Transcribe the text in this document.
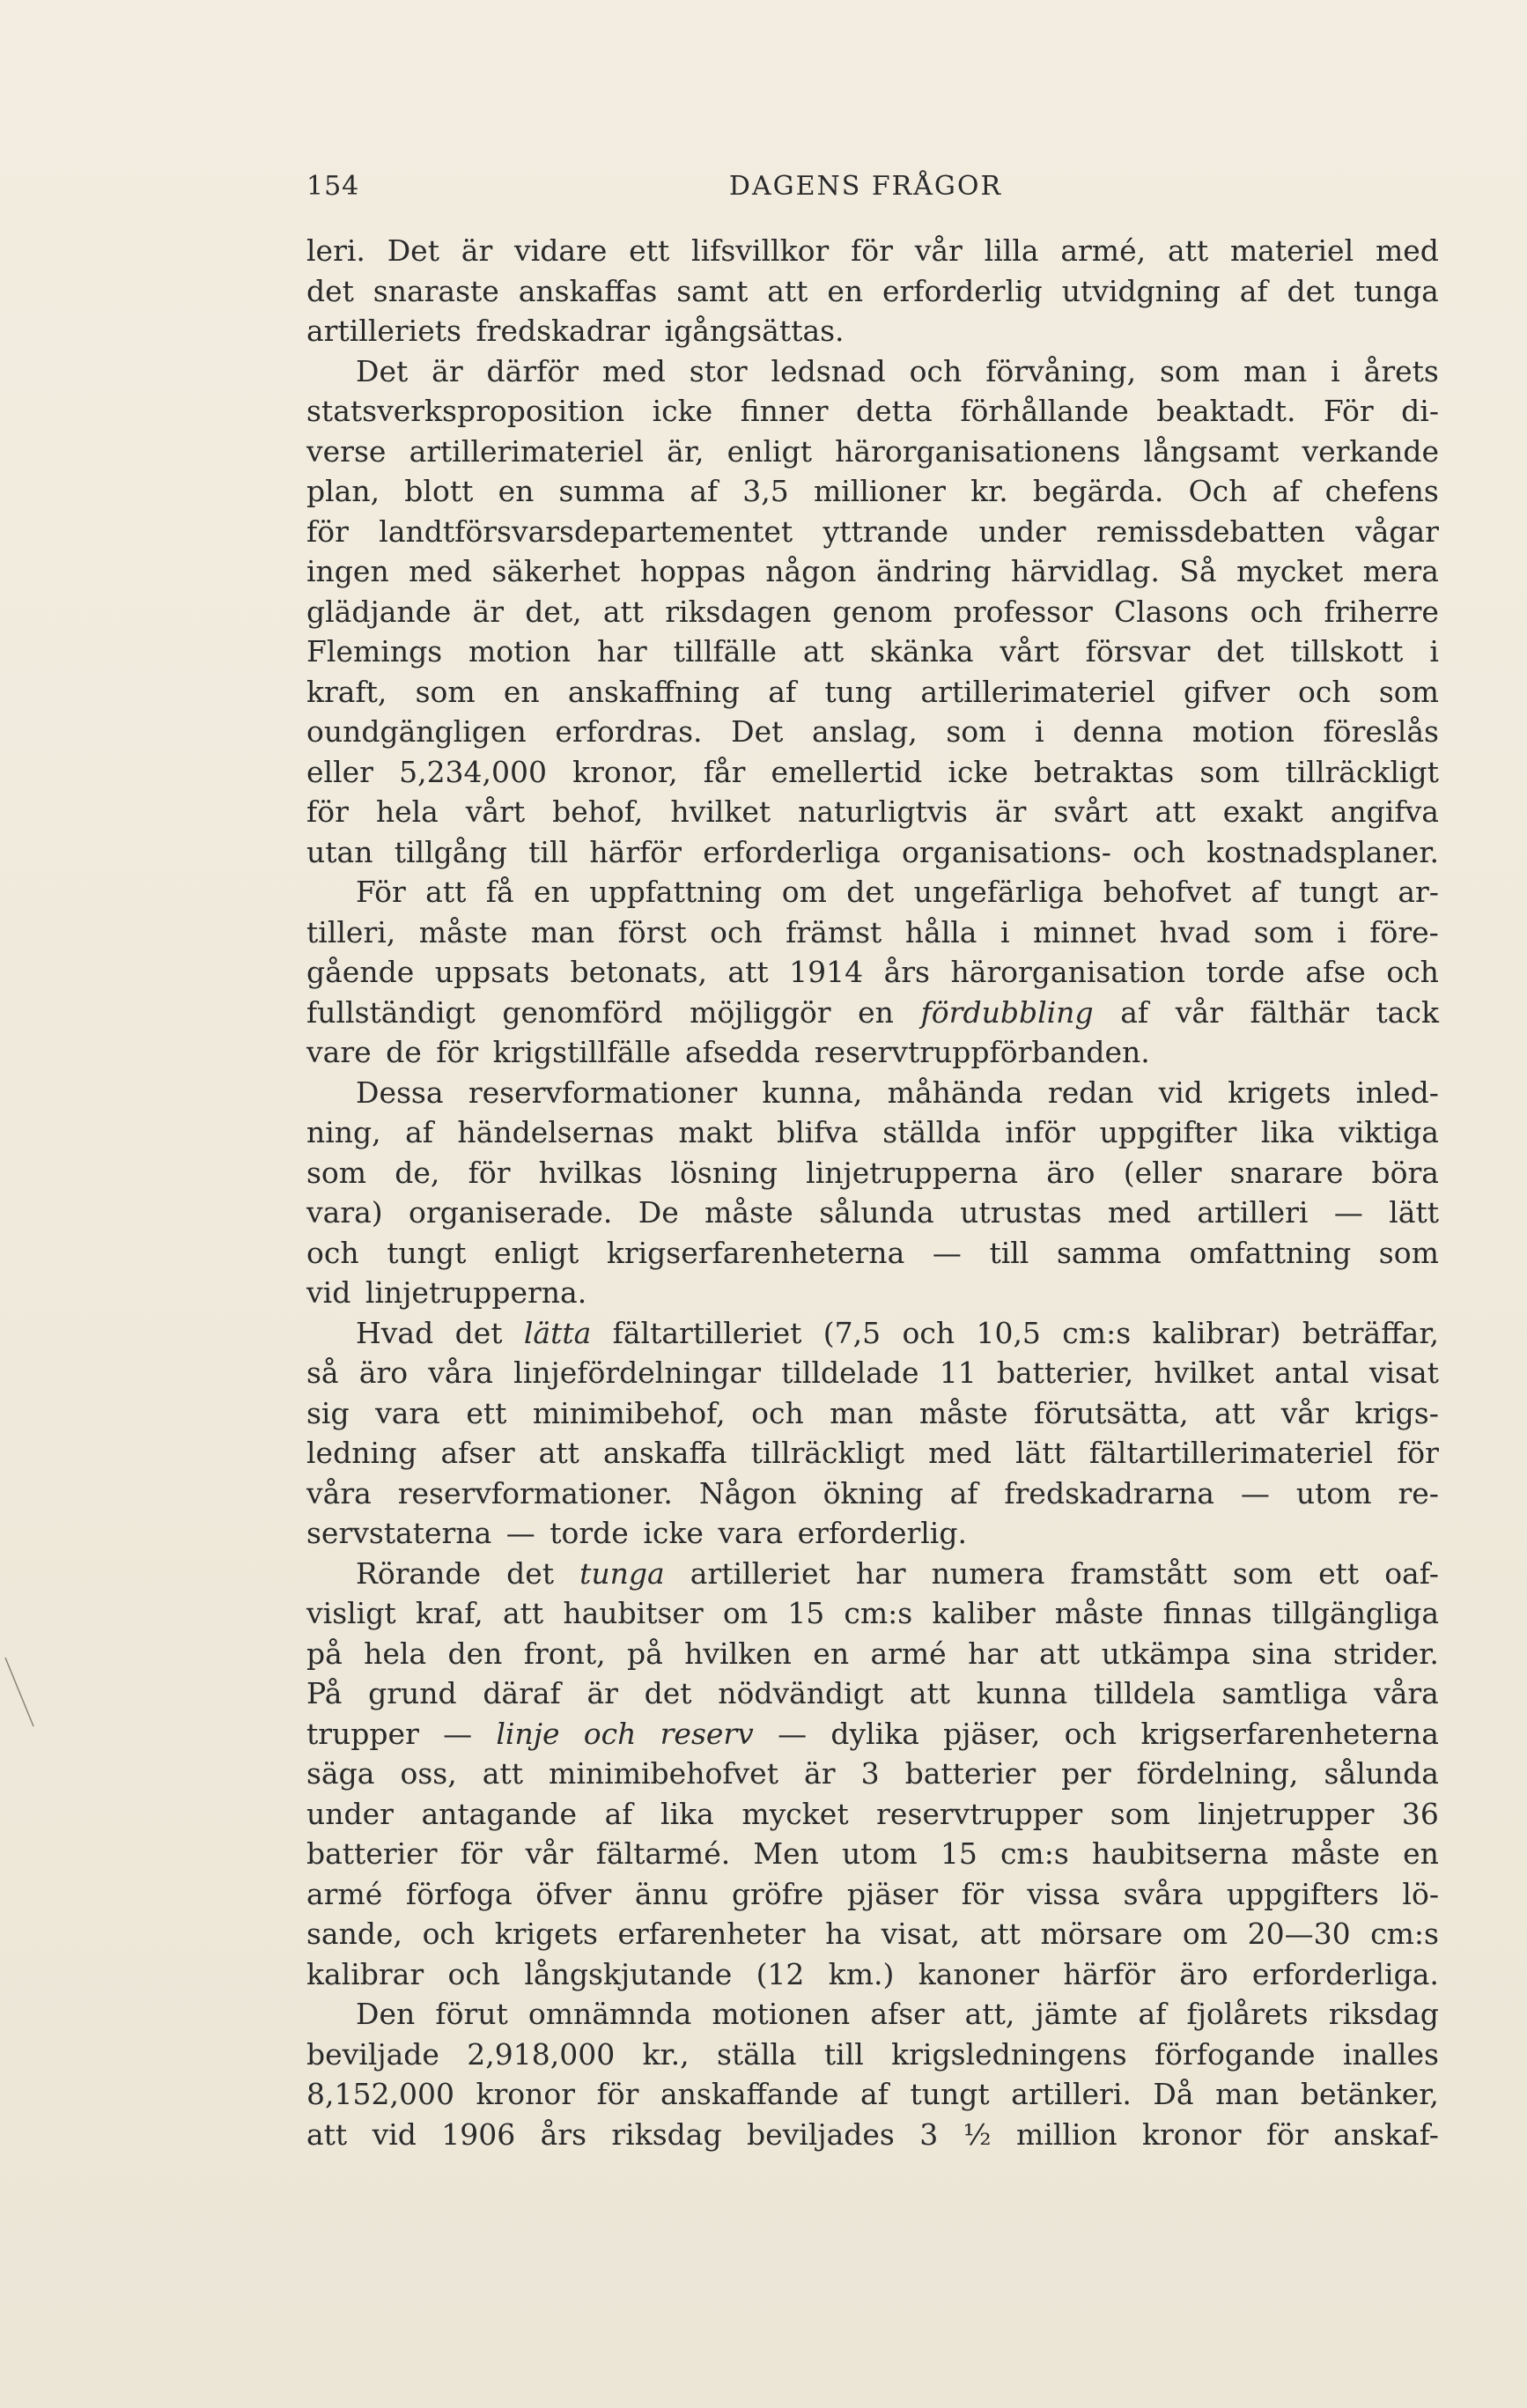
154	DAGENS FRÅGOR
leri. Det är vidare ett lifsvillkor för vår lilla armé, att materiel med
det snaraste anskaffas samt att en erforderlig utvidgning af det tunga
artilleriets fredskadrar igångsättas.
Det är därför med stor ledsnad och förvåning, som man i årets
statsverksproposition icke finner detta förhållande beaktadt. För di-
verse artillerimateriel är, enligt härorganisationens långsamt verkande
plan, blott en summa af 3,5 millioner kr. begärda. Och af chefens
för landtförsvarsdepartementet yttrande under remissdebatten vågar
ingen med säkerhet hoppas någon ändring härvidlag. Så mycket mera
glädjande är det, att riksdagen genom professor Clasons och friherre
Flemings motion har tillfälle att skänka vårt försvar det tillskott i
kraft, som en anskaffning af tung artillerimateriel gifver och som
oundgängligen erfordras. Det anslag, som i denna motion föreslås
eller 5,234,000 kronor, får emellertid icke betraktas som tillräckligt
för hela vårt behof, hvilket naturligtvis är svårt att exakt angifva
utan tillgång till härför erforderliga organisations- och kostnadsplaner.
För att få en uppfattning om det ungefärliga behofvet af tungt ar-
tilleri, måste man först och främst hålla i minnet hvad som i före-
gående uppsats betonats, att 1914 års härorganisation torde afse och
fullständigt genomförd möjliggör en fördubbling af vår fälthär tack
vare de för krigstillfälle afsedda reservtruppförbanden.
Dessa reservformationer kunna, måhända redan vid krigets inled-
ning, af händelsernas makt blifva ställda inför uppgifter lika viktiga
som de, för hvilkas lösning linjetrupperna äro (eller snarare böra
vara) organiserade. De måste sålunda utrustas med artilleri — lätt
och tungt enligt krigserfarenheterna — till samma omfattning som
vid linjetrupperna.
Hvad det lätta fältartilleriet (7,5 och 10,5 cm:s kalibrar) beträffar,
så äro våra linjefördelningar tilldelade 11 batterier, hvilket antal visat
sig vara ett minimibehof, och man måste förutsätta, att vår krigs-
ledning afser att anskaffa tillräckligt med lätt fältartillerimateriel för
våra reservformationer. Någon ökning af fredskadrarna — utom re-
servstaterna — torde icke vara erforderlig.
Rörande det tunga artilleriet har numera framstått som ett oaf-
visligt kraf, att haubitser om 15 cm:s kaliber måste finnas tillgängliga
på hela den front, på hvilken en armé har att utkämpa sina strider.
På grund däraf är det nödvändigt att kunna tilldela samtliga våra
trupper — linje och reserv — dylika pjäser, och krigserfarenheterna
säga oss, att minimibehofvet är 3 batterier per fördelning, sålunda
under antagande af lika mycket reservtrupper som linjetrupper 36
batterier för vår fältarmé. Men utom 15 cm:s haubitserna måste en
armé förfoga öfver ännu gröfre pjäser för vissa svåra uppgifters lö-
sande, och krigets erfarenheter ha visat, att mörsare om 20—30 cm:s
kalibrar och långskjutande (12 km.) kanoner härför äro erforderliga.
Den förut omnämnda motionen afser att, jämte af fjolårets riksdag
beviljade 2,918,000 kr., ställa till krigsledningens förfogande inalles
8,152,000 kronor för anskaffande af tungt artilleri. Då man betänker,
att vid 1906 års riksdag beviljades 3 ½ million kronor för anskaf-
